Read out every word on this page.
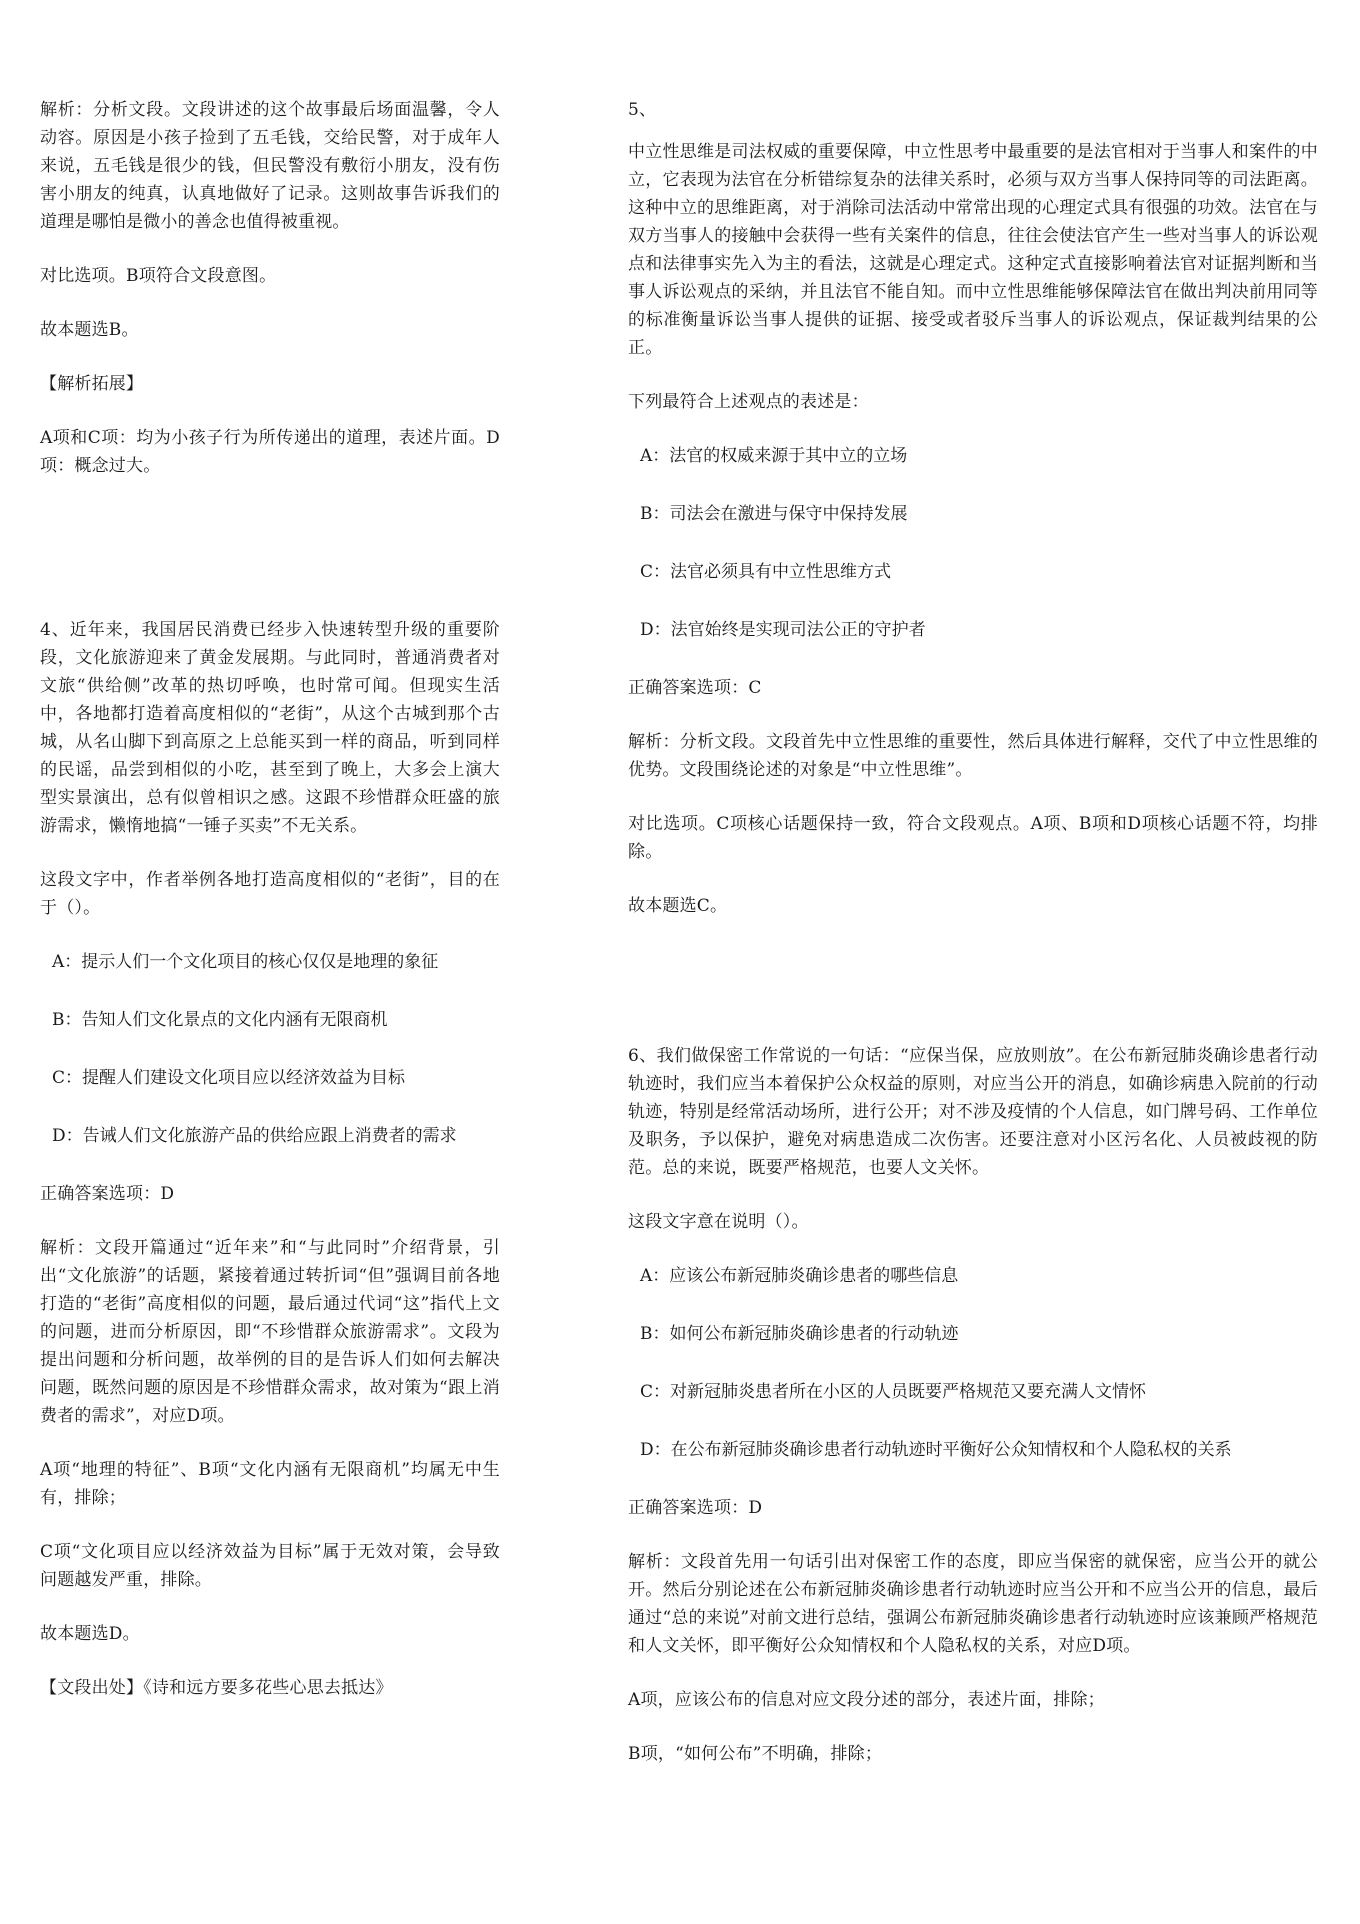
解析：分析文段。文段讲述的这个故事最后场面温馨，令人动容。原因是小孩子捡到了五毛钱，交给民警，对于成年人来说，五毛钱是很少的钱，但民警没有敷衍小朋友，没有伤害小朋友的纯真，认真地做好了记录。这则故事告诉我们的道理是哪怕是微小的善念也值得被重视。

对比选项。B项符合文段意图。

故本题选B。

【解析拓展】

A项和C项：均为小孩子行为所传递出的道理，表述片面。D项：概念过大。

4、近年来，我国居民消费已经步入快速转型升级的重要阶段，文化旅游迎来了黄金发展期。与此同时，普通消费者对文旅“供给侧”改革的热切呼唤，也时常可闻。但现实生活中，各地都打造着高度相似的“老街”，从这个古城到那个古城，从名山脚下到高原之上总能买到一样的商品，听到同样的民谣，品尝到相似的小吃，甚至到了晚上，大多会上演大型实景演出，总有似曾相识之感。这跟不珍惜群众旺盛的旅游需求，懒惰地搞“一锤子买卖”不无关系。

这段文字中，作者举例各地打造高度相似的“老街”，目的在于（）。

A：提示人们一个文化项目的核心仅仅是地理的象征

B：告知人们文化景点的文化内涵有无限商机

C：提醒人们建设文化项目应以经济效益为目标

D：告诫人们文化旅游产品的供给应跟上消费者的需求

正确答案选项：D

解析：文段开篇通过“近年来”和“与此同时”介绍背景，引出“文化旅游”的话题，紧接着通过转折词“但”强调目前各地打造的“老街”高度相似的问题，最后通过代词“这”指代上文的问题，进而分析原因，即“不珍惜群众旅游需求”。文段为提出问题和分析问题，故举例的目的是告诉人们如何去解决问题，既然问题的原因是不珍惜群众需求，故对策为“跟上消费者的需求”，对应D项。

A项“地理的特征”、B项“文化内涵有无限商机”均属无中生有，排除；

C项“文化项目应以经济效益为目标”属于无效对策，会导致问题越发严重，排除。

故本题选D。

【文段出处】《诗和远方要多花些心思去抵达》

5、

中立性思维是司法权威的重要保障，中立性思考中最重要的是法官相对于当事人和案件的中立，它表现为法官在分析错综复杂的法律关系时，必须与双方当事人保持同等的司法距离。这种中立的思维距离，对于消除司法活动中常常出现的心理定式具有很强的功效。法官在与双方当事人的接触中会获得一些有关案件的信息，往往会使法官产生一些对当事人的诉讼观点和法律事实先入为主的看法，这就是心理定式。这种定式直接影响着法官对证据判断和当事人诉讼观点的采纳，并且法官不能自知。而中立性思维能够保障法官在做出判决前用同等的标准衡量诉讼当事人提供的证据、接受或者驳斥当事人的诉讼观点，保证裁判结果的公正。

下列最符合上述观点的表述是：

A：法官的权威来源于其中立的立场

B：司法会在激进与保守中保持发展

C：法官必须具有中立性思维方式

D：法官始终是实现司法公正的守护者

正确答案选项：C

解析：分析文段。文段首先中立性思维的重要性，然后具体进行解释，交代了中立性思维的优势。文段围绕论述的对象是“中立性思维”。

对比选项。C项核心话题保持一致，符合文段观点。A项、B项和D项核心话题不符，均排除。

故本题选C。

6、我们做保密工作常说的一句话：“应保当保，应放则放”。在公布新冠肺炎确诊患者行动轨迹时，我们应当本着保护公众权益的原则，对应当公开的消息，如确诊病患入院前的行动轨迹，特别是经常活动场所，进行公开；对不涉及疫情的个人信息，如门牌号码、工作单位及职务，予以保护，避免对病患造成二次伤害。还要注意对小区污名化、人员被歧视的防范。总的来说，既要严格规范，也要人文关怀。

这段文字意在说明（）。

A：应该公布新冠肺炎确诊患者的哪些信息

B：如何公布新冠肺炎确诊患者的行动轨迹

C：对新冠肺炎患者所在小区的人员既要严格规范又要充满人文情怀

D：在公布新冠肺炎确诊患者行动轨迹时平衡好公众知情权和个人隐私权的关系

正确答案选项：D

解析：文段首先用一句话引出对保密工作的态度，即应当保密的就保密，应当公开的就公开。然后分别论述在公布新冠肺炎确诊患者行动轨迹时应当公开和不应当公开的信息，最后通过“总的来说”对前文进行总结，强调公布新冠肺炎确诊患者行动轨迹时应该兼顾严格规范和人文关怀，即平衡好公众知情权和个人隐私权的关系，对应D项。

A项，应该公布的信息对应文段分述的部分，表述片面，排除；

B项，“如何公布”不明确，排除；
